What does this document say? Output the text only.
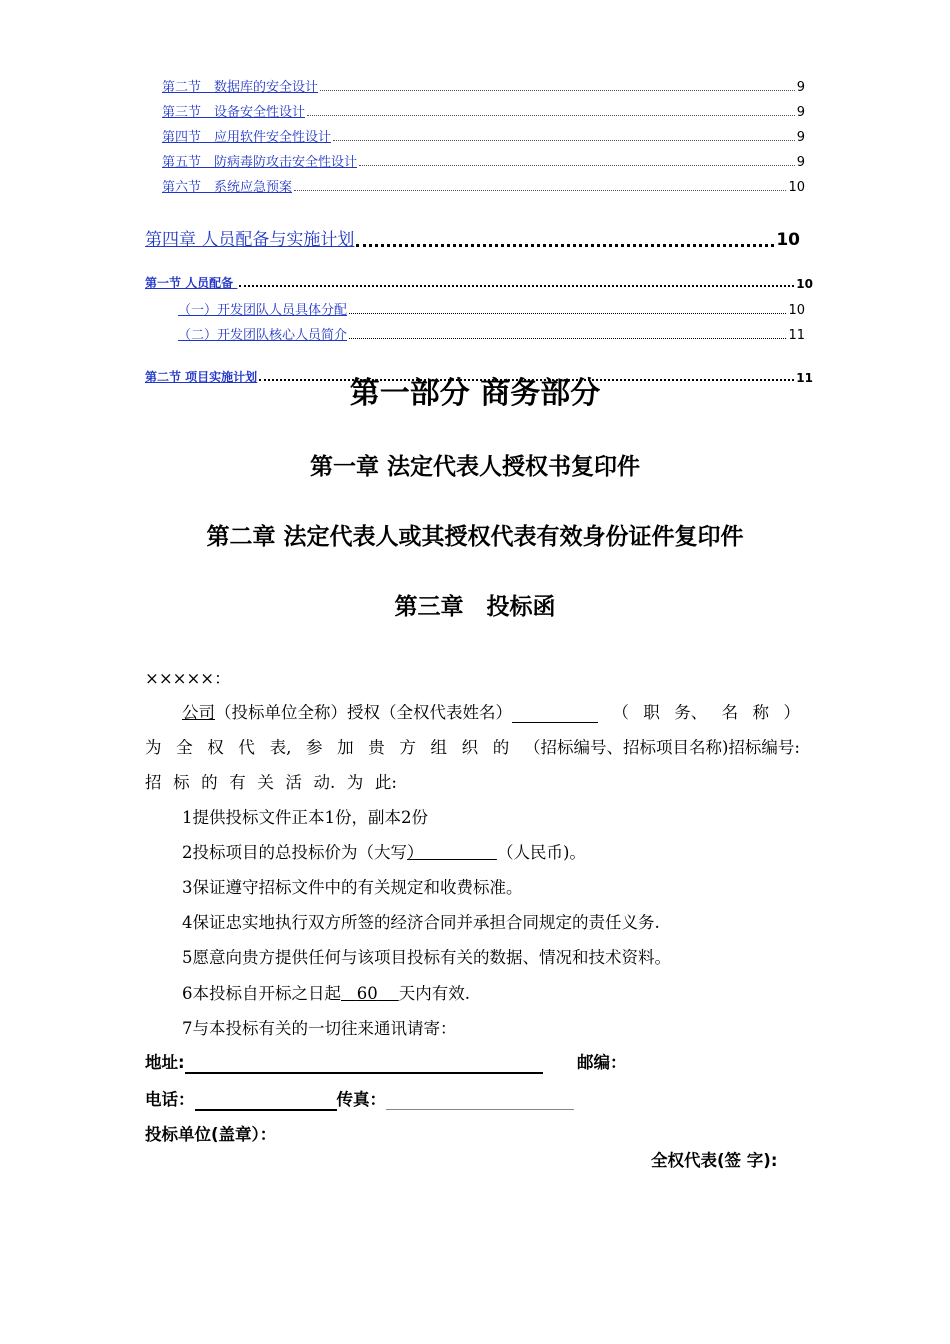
第二节　数据库的安全设计	9
第三节　设备安全性设计	9
第四节　应用软件安全性设计	9
第五节　防病毒防攻击安全性设计	9
第六节　系统应急预案	10
第四章 人员配备与实施计划	10
第一节 人员配备	10
（一）开发团队人员具体分配	10
（二）开发团队核心人员简介	11
第二节 项目实施计划	11
第一部分 商务部分
第一章 法定代表人授权书复印件
第二章 法定代表人或其授权代表有效身份证件复印件
第三章　投标函
×××××：
公司（投标单位全称）授权（全权代表姓名）	（ 职 务、 名 称 ）
为 全 权 代 表, 参 加 贵 方 组 织 的 （招标编号、招标项目名称)招标编号:
招 标 的 有 关 活 动. 为 此:
1提供投标文件正本1份，副本2份
2投标项目的总投标价为（大写）	（人民币)。
3保证遵守招标文件中的有关规定和收费标准。
4保证忠实地执行双方所签的经济合同并承担合同规定的责任义务.
5愿意向贵方提供任何与该项目投标有关的数据、情况和技术资料。
6本投标自开标之日起 60 天内有效.
7与本投标有关的一切往来通讯请寄：
地址:	邮编：
电话：	传真：
投标单位(盖章）：
全权代表(签 字):
